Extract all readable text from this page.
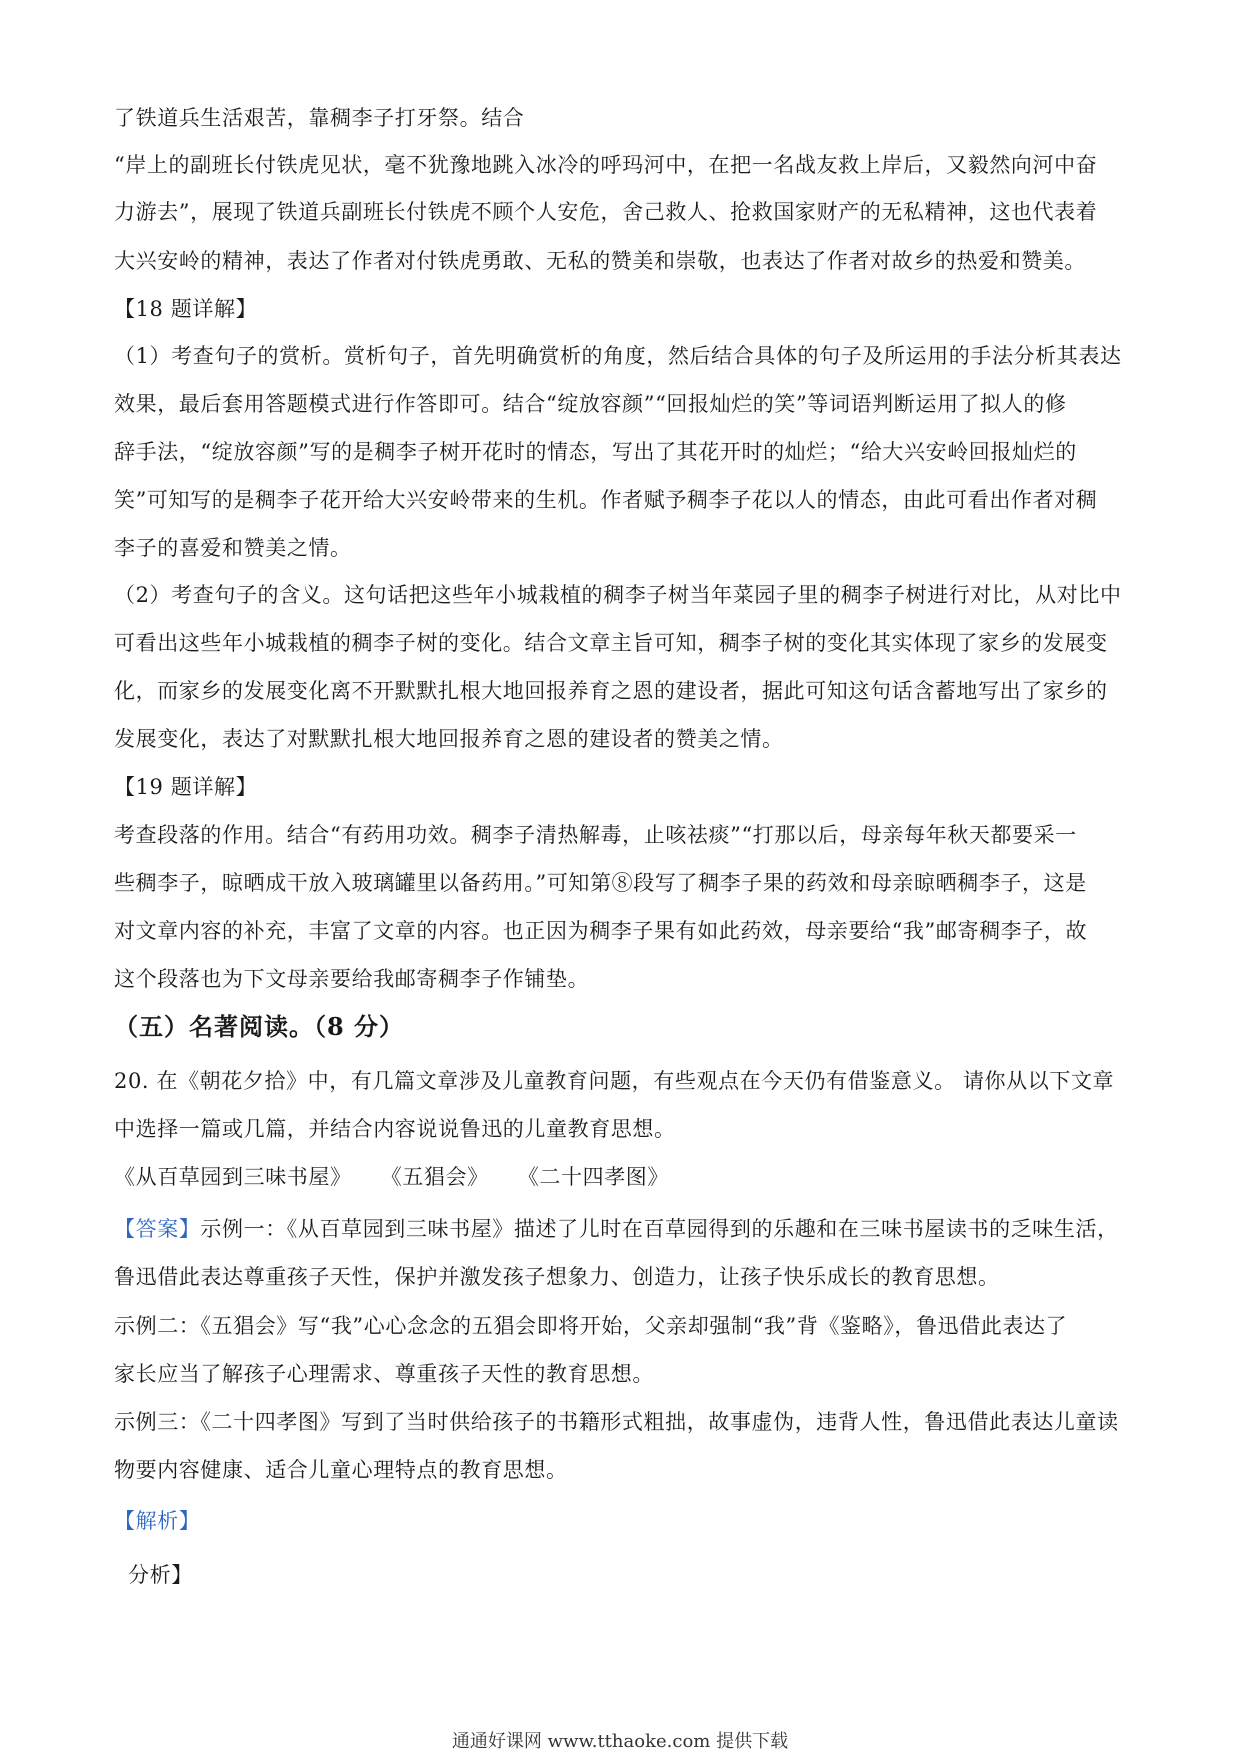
了铁道兵生活艰苦，靠稠李子打牙祭。结合
“岸上的副班长付铁虎见状，毫不犹豫地跳入冰冷的呼玛河中，在把一名战友救上岸后，又毅然向河中奋
力游去”，展现了铁道兵副班长付铁虎不顾个人安危，舍己救人、抢救国家财产的无私精神，这也代表着
大兴安岭的精神，表达了作者对付铁虎勇敢、无私的赞美和崇敬，也表达了作者对故乡的热爱和赞美。
【18 题详解】
（1）考查句子的赏析。赏析句子，首先明确赏析的角度，然后结合具体的句子及所运用的手法分析其表达
效果，最后套用答题模式进行作答即可。结合“绽放容颜”“回报灿烂的笑”等词语判断运用了拟人的修
辞手法，“绽放容颜”写的是稠李子树开花时的情态，写出了其花开时的灿烂；“给大兴安岭回报灿烂的
笑”可知写的是稠李子花开给大兴安岭带来的生机。作者赋予稠李子花以人的情态，由此可看出作者对稠
李子的喜爱和赞美之情。
（2）考查句子的含义。这句话把这些年小城栽植的稠李子树当年菜园子里的稠李子树进行对比，从对比中
可看出这些年小城栽植的稠李子树的变化。结合文章主旨可知，稠李子树的变化其实体现了家乡的发展变
化，而家乡的发展变化离不开默默扎根大地回报养育之恩的建设者，据此可知这句话含蓄地写出了家乡的
发展变化，表达了对默默扎根大地回报养育之恩的建设者的赞美之情。
【19 题详解】
考查段落的作用。结合“有药用功效。稠李子清热解毒，止咳祛痰”“打那以后，母亲每年秋天都要采一
些稠李子，晾晒成干放入玻璃罐里以备药用。”可知第⑧段写了稠李子果的药效和母亲晾晒稠李子，这是
对文章内容的补充，丰富了文章的内容。也正因为稠李子果有如此药效，母亲要给“我”邮寄稠李子，故
这个段落也为下文母亲要给我邮寄稠李子作铺垫。
（五）名著阅读。（8 分）
20. 在《朝花夕拾》中，有几篇文章涉及儿童教育问题，有些观点在今天仍有借鉴意义。 请你从以下文章
中选择一篇或几篇，并结合内容说说鲁迅的儿童教育思想。
《从百草园到三味书屋》    《五猖会》    《二十四孝图》
【答案】示例一：《从百草园到三味书屋》描述了儿时在百草园得到的乐趣和在三味书屋读书的乏味生活，
鲁迅借此表达尊重孩子天性，保护并激发孩子想象力、创造力，让孩子快乐成长的教育思想。
示例二：《五猖会》写“我”心心念念的五猖会即将开始，父亲却强制“我”背《鉴略》，鲁迅借此表达了
家长应当了解孩子心理需求、尊重孩子天性的教育思想。
示例三：《二十四孝图》写到了当时供给孩子的书籍形式粗拙，故事虚伪，违背人性，鲁迅借此表达儿童读
物要内容健康、适合儿童心理特点的教育思想。
【解析】
分析】
通通好课网 www.tthaoke.com 提供下载
